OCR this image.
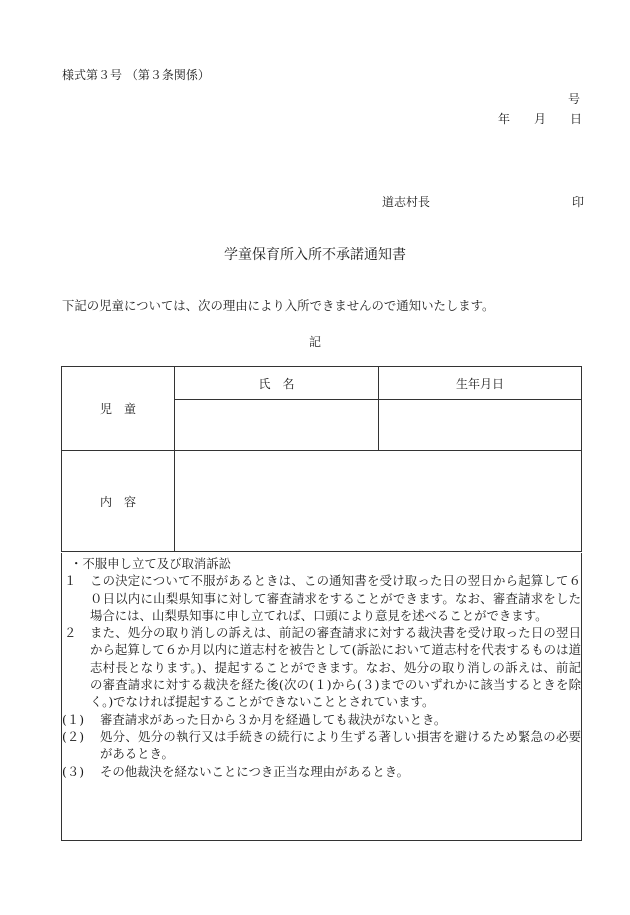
様式第３号 （第３条関係）
号
年　　月　　日
道志村長	印
学童保育所入所不承諾通知書
下記の児童については、次の理由により入所できませんので通知いたします。
記
児　童	氏　名	生年月日

内　容		
・不服申し立て及び取消訴訟
１	この決定について不服があるときは、この通知書を受け取った日の翌日から起算して６０日以内に山梨県知事に対して審査請求をすることができます。なお、審査請求をした場合には、山梨県知事に申し立てれば、口頭により意見を述べることができます。
２	また、処分の取り消しの訴えは、前記の審査請求に対する裁決書を受け取った日の翌日から起算して６か月以内に道志村を被告として(訴訟において道志村を代表するものは道志村長となります。)、提起することができます。なお、処分の取り消しの訴えは、前記の審査請求に対する裁決を経た後(次の(１)から(３)までのいずれかに該当するときを除く。)でなければ提起することができないこととされています。
(１)	審査請求があった日から３か月を経過しても裁決がないとき。
(２)	処分、処分の執行又は手続きの続行により生ずる著しい損害を避けるため緊急の必要があるとき。
(３)	その他裁決を経ないことにつき正当な理由があるとき。
